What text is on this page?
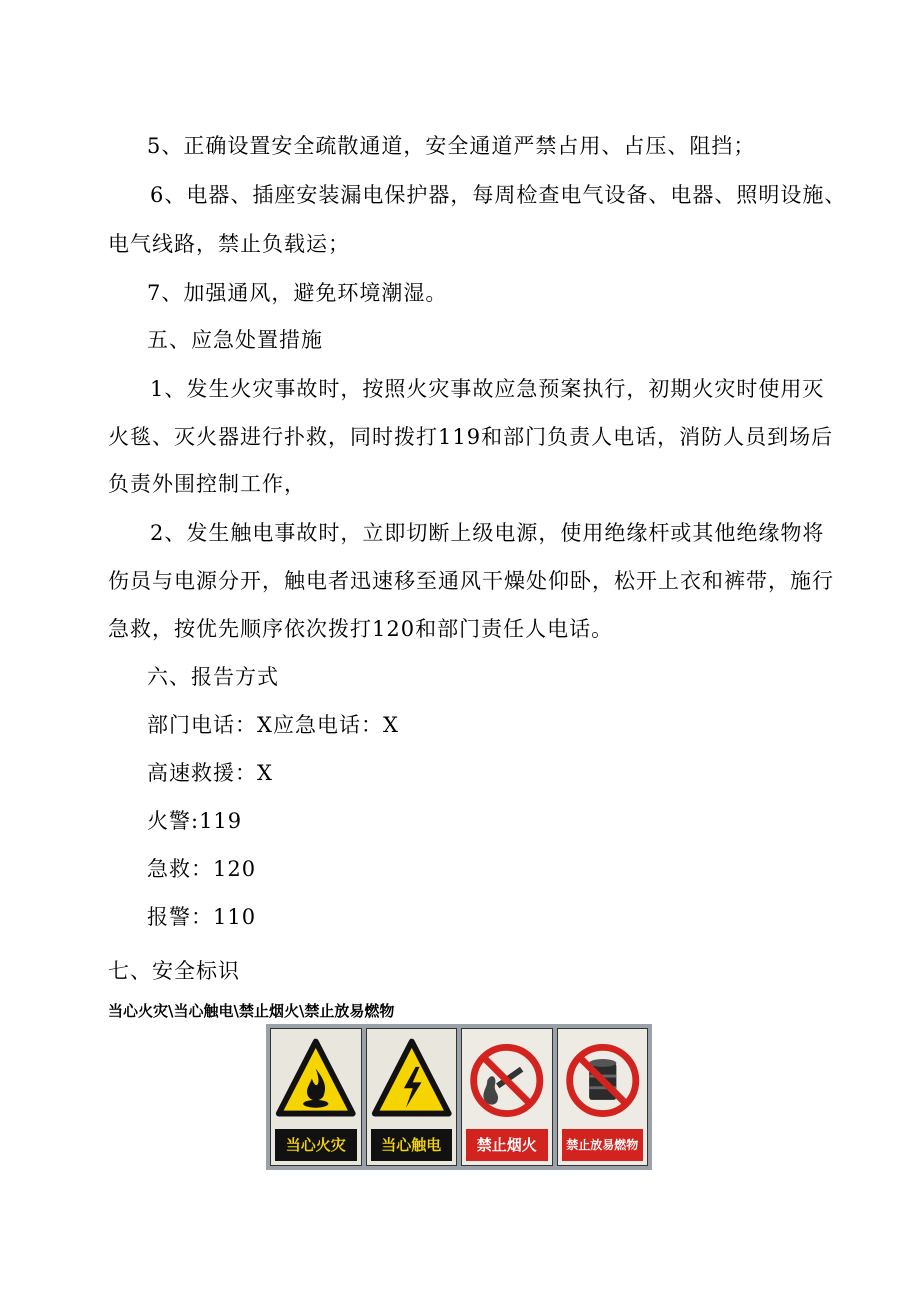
5、正确设置安全疏散通道，安全通道严禁占用、占压、阻挡；
6、电器、插座安装漏电保护器，每周检查电气设备、电器、照明设施、
电气线路，禁止负载运；
7、加强通风，避免环境潮湿。
五、应急处置措施
1、发生火灾事故时，按照火灾事故应急预案执行，初期火灾时使用灭
火毯、灭火器进行扑救，同时拨打119和部门负责人电话，消防人员到场后
负责外围控制工作，
2、发生触电事故时，立即切断上级电源，使用绝缘杆或其他绝缘物将
伤员与电源分开，触电者迅速移至通风干燥处仰卧，松开上衣和裤带，施行
急救，按优先顺序依次拨打120和部门责任人电话。
六、报告方式
部门电话：X应急电话：X
高速救援：X
火警:119
急救：120
报警：110
七、安全标识
当心火灾\当心触电\禁止烟火\禁止放易燃物
当心火灾	当心触电	禁止烟火	禁止放易燃物
